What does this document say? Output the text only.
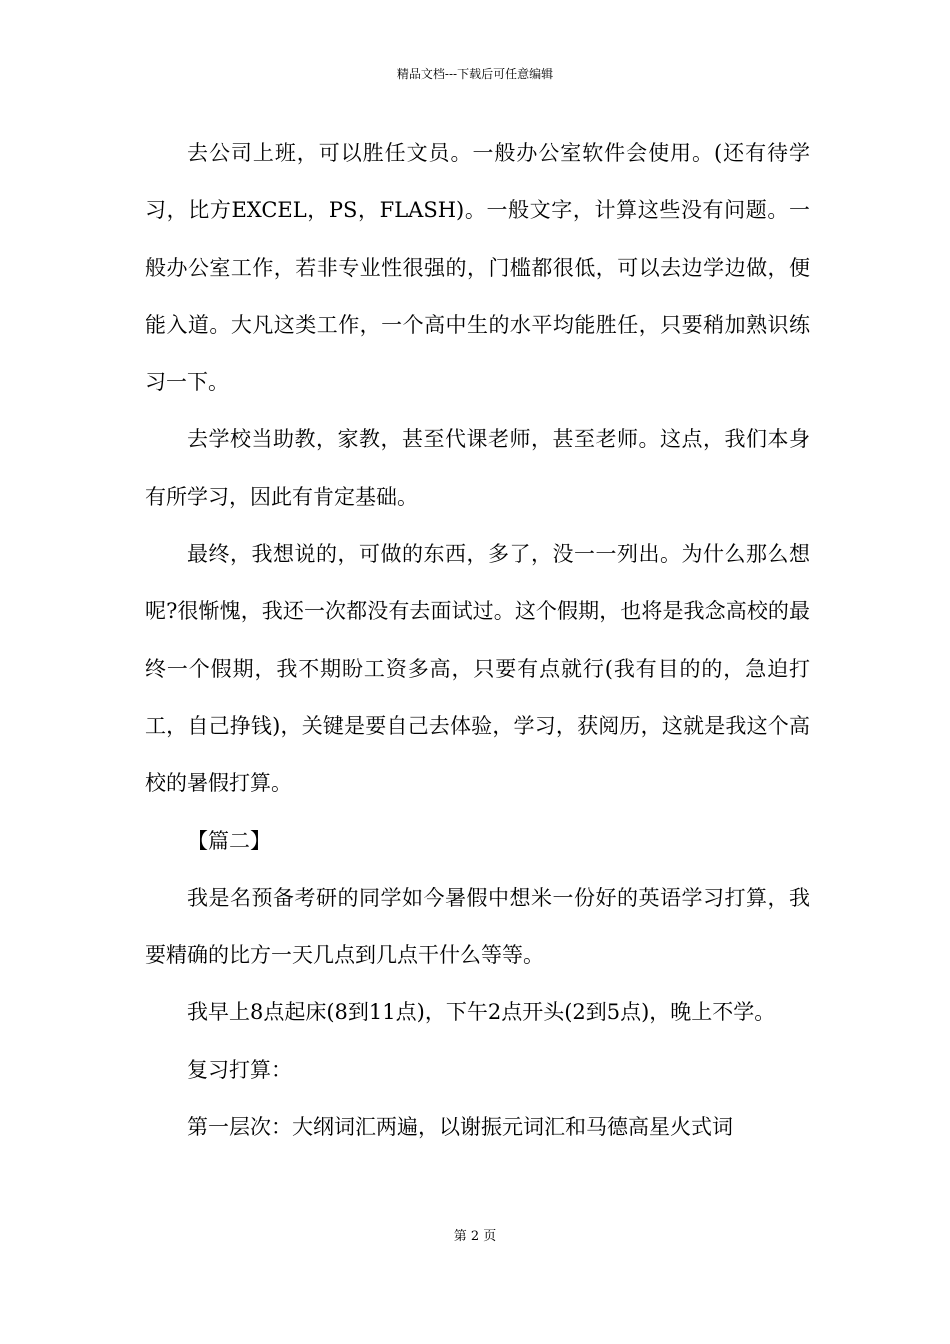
精品文档---下载后可任意编辑

去公司上班，可以胜任文员。一般办公室软件会使用。(还有待学习，比方EXCEL，PS，FLASH)。一般文字，计算这些没有问题。一般办公室工作，若非专业性很强的，门槛都很低，可以去边学边做，便能入道。大凡这类工作，一个高中生的水平均能胜任，只要稍加熟识练习一下。

去学校当助教，家教，甚至代课老师，甚至老师。这点，我们本身有所学习，因此有肯定基础。

最终，我想说的，可做的东西，多了，没一一列出。为什么那么想呢?很惭愧，我还一次都没有去面试过。这个假期，也将是我念高校的最终一个假期，我不期盼工资多高，只要有点就行(我有目的的，急迫打工，自己挣钱)，关键是要自己去体验，学习，获阅历，这就是我这个高校的暑假打算。

【篇二】

我是名预备考研的同学如今暑假中想米一份好的英语学习打算，我要精确的比方一天几点到几点干什么等等。

我早上8点起床(8到11点)，下午2点开头(2到5点)，晚上不学。

复习打算：

第一层次：大纲词汇两遍，以谢振元词汇和马德高星火式词

第 2 页
